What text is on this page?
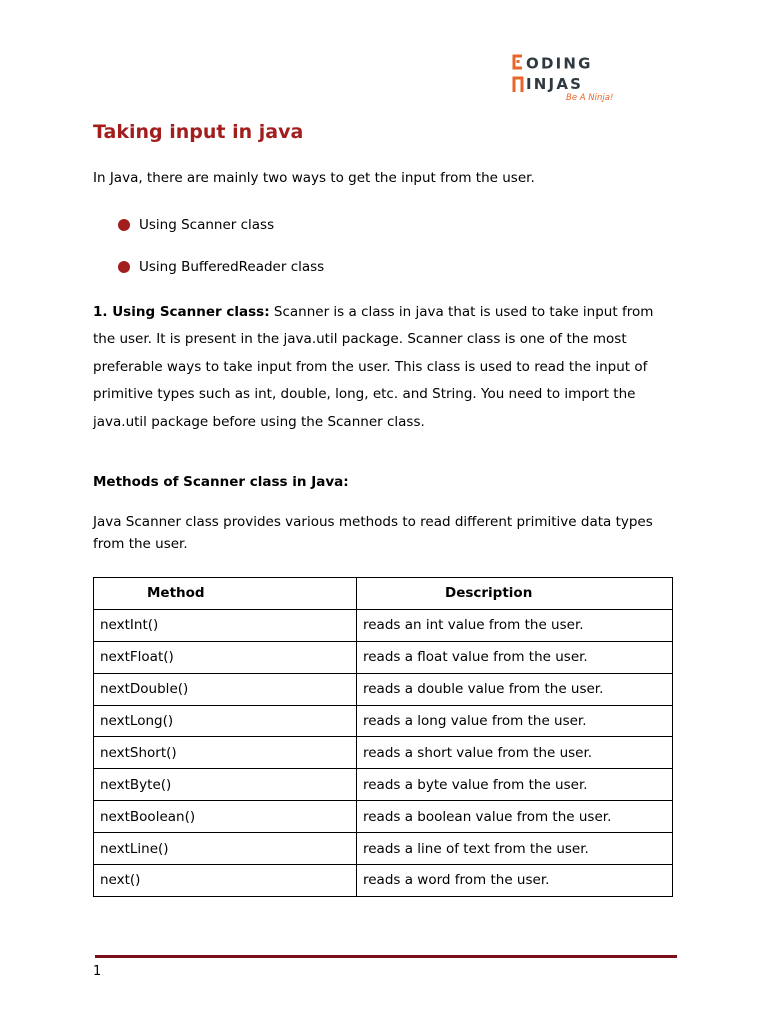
ODING
INJAS
Be A Ninja!
Taking input in java

In Java, there are mainly two ways to get the input from the user.

Using Scanner class
Using BufferedReader class

1. Using Scanner class: Scanner is a class in java that is used to take input from the user. It is present in the java.util package. Scanner class is one of the most preferable ways to take input from the user. This class is used to read the input of primitive types such as int, double, long, etc. and String. You need to import the java.util package before using the Scanner class.

Methods of Scanner class in Java:

Java Scanner class provides various methods to read different primitive data types from the user.

Method	Description
nextInt()	reads an int value from the user.
nextFloat()	reads a float value from the user.
nextDouble()	reads a double value from the user.
nextLong()	reads a long value from the user.
nextShort()	reads a short value from the user.
nextByte()	reads a byte value from the user.
nextBoolean()	reads a boolean value from the user.
nextLine()	reads a line of text from the user.
next()	reads a word from the user.
1
